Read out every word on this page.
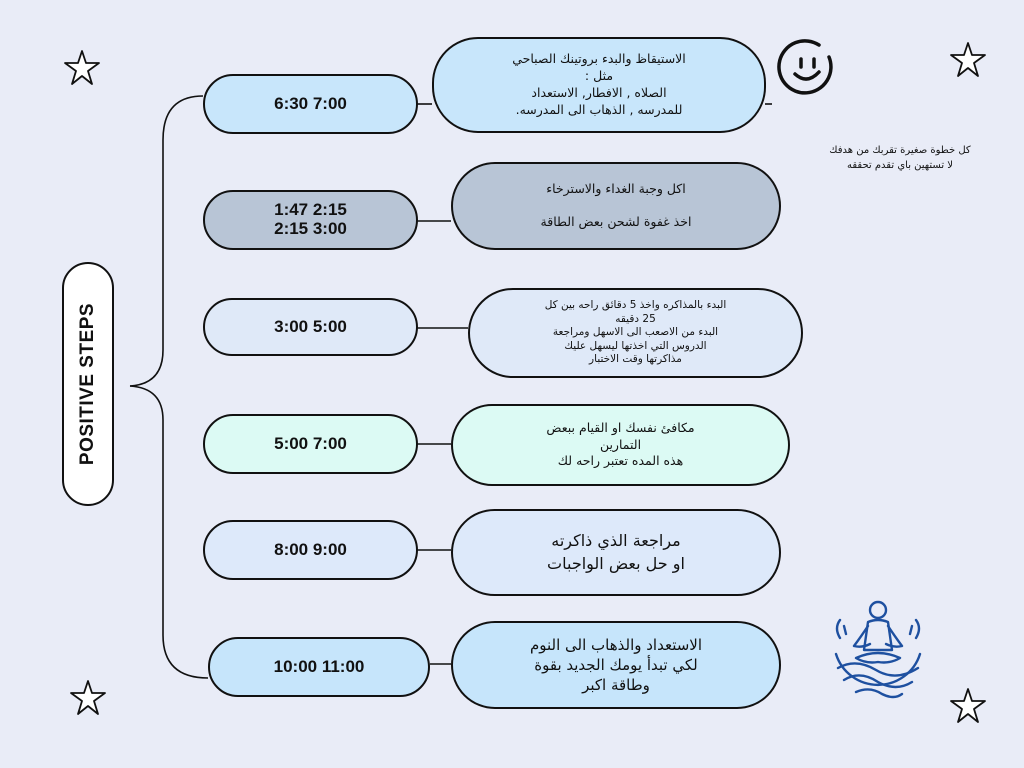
POSITIVE STEPS
6:30 7:00
1:47 2:15
2:15 3:00
3:00 5:00
5:00 7:00
8:00 9:00
10:00 11:00
الاستيقاظ والبدء بروتينك الصباحي
مثل :
الصلاه , الافطار, الاستعداد
للمدرسه , الذهاب الى المدرسه.
اكل وجبة الغداء والاسترخاء

اخذ غفوة لشحن بعض الطاقة
البدء بالمذاكره واخذ 5 دقائق راحه بين كل
25 دقيقه
البدء من الاصعب الى الاسهل ومراجعة
الدروس التي اخذتها ليسهل عليك
مذاكرتها وقت الاختبار
مكافئ نفسك او القيام ببعض
التمارين
هذه المده تعتبر راحه لك
مراجعة الذي ذاكرته
او حل بعض الواجبات
الاستعداد والذهاب الى النوم
لكي تبدأ يومك الجديد بقوة
وطاقة اكبر
كل خطوة صغيرة تقربك من هدفك
لا تستهين باي تقدم تحققه
